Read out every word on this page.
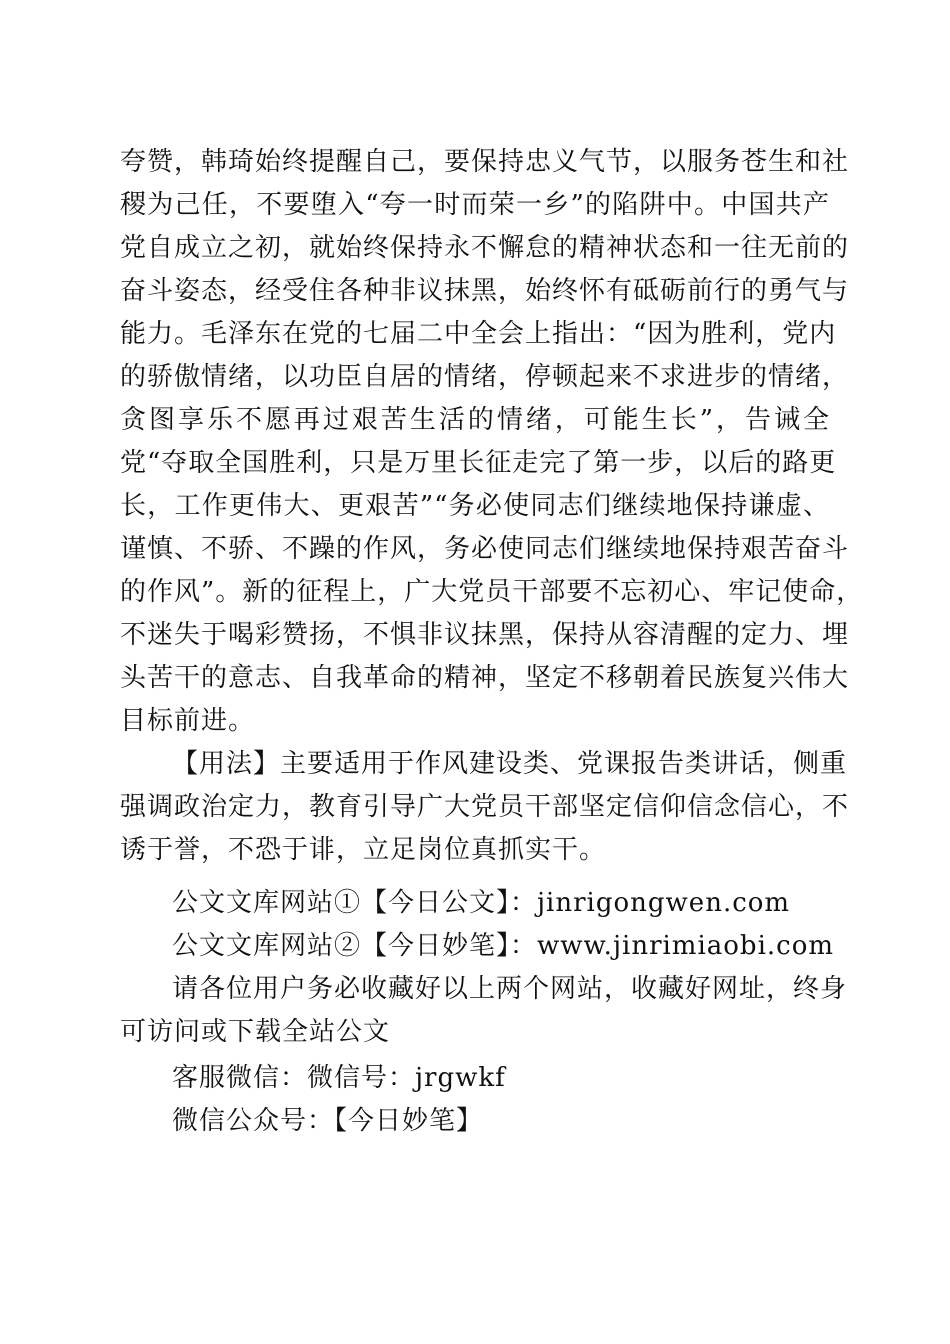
夸赞，韩琦始终提醒自己，要保持忠义气节，以服务苍生和社
稷为己任，不要堕入“夸一时而荣一乡”的陷阱中。中国共产
党自成立之初，就始终保持永不懈怠的精神状态和一往无前的
奋斗姿态，经受住各种非议抹黑，始终怀有砥砺前行的勇气与
能力。毛泽东在党的七届二中全会上指出：“因为胜利，党内
的骄傲情绪，以功臣自居的情绪，停顿起来不求进步的情绪，
贪图享乐不愿再过艰苦生活的情绪，可能生长”，告诫全
党“夺取全国胜利，只是万里长征走完了第一步，以后的路更
长，工作更伟大、更艰苦”“务必使同志们继续地保持谦虚、
谨慎、不骄、不躁的作风，务必使同志们继续地保持艰苦奋斗
的作风”。新的征程上，广大党员干部要不忘初心、牢记使命，
不迷失于喝彩赞扬，不惧非议抹黑，保持从容清醒的定力、埋
头苦干的意志、自我革命的精神，坚定不移朝着民族复兴伟大
目标前进。
【用法】主要适用于作风建设类、党课报告类讲话，侧重
强调政治定力，教育引导广大党员干部坚定信仰信念信心，不
诱于誉，不恐于诽，立足岗位真抓实干。
公文文库网站①【今日公文】：jinrigongwen.com
公文文库网站②【今日妙笔】：www.jinrimiaobi.com
请各位用户务必收藏好以上两个网站，收藏好网址，终身
可访问或下载全站公文
客服微信：微信号：jrgwkf
微信公众号：【今日妙笔】
